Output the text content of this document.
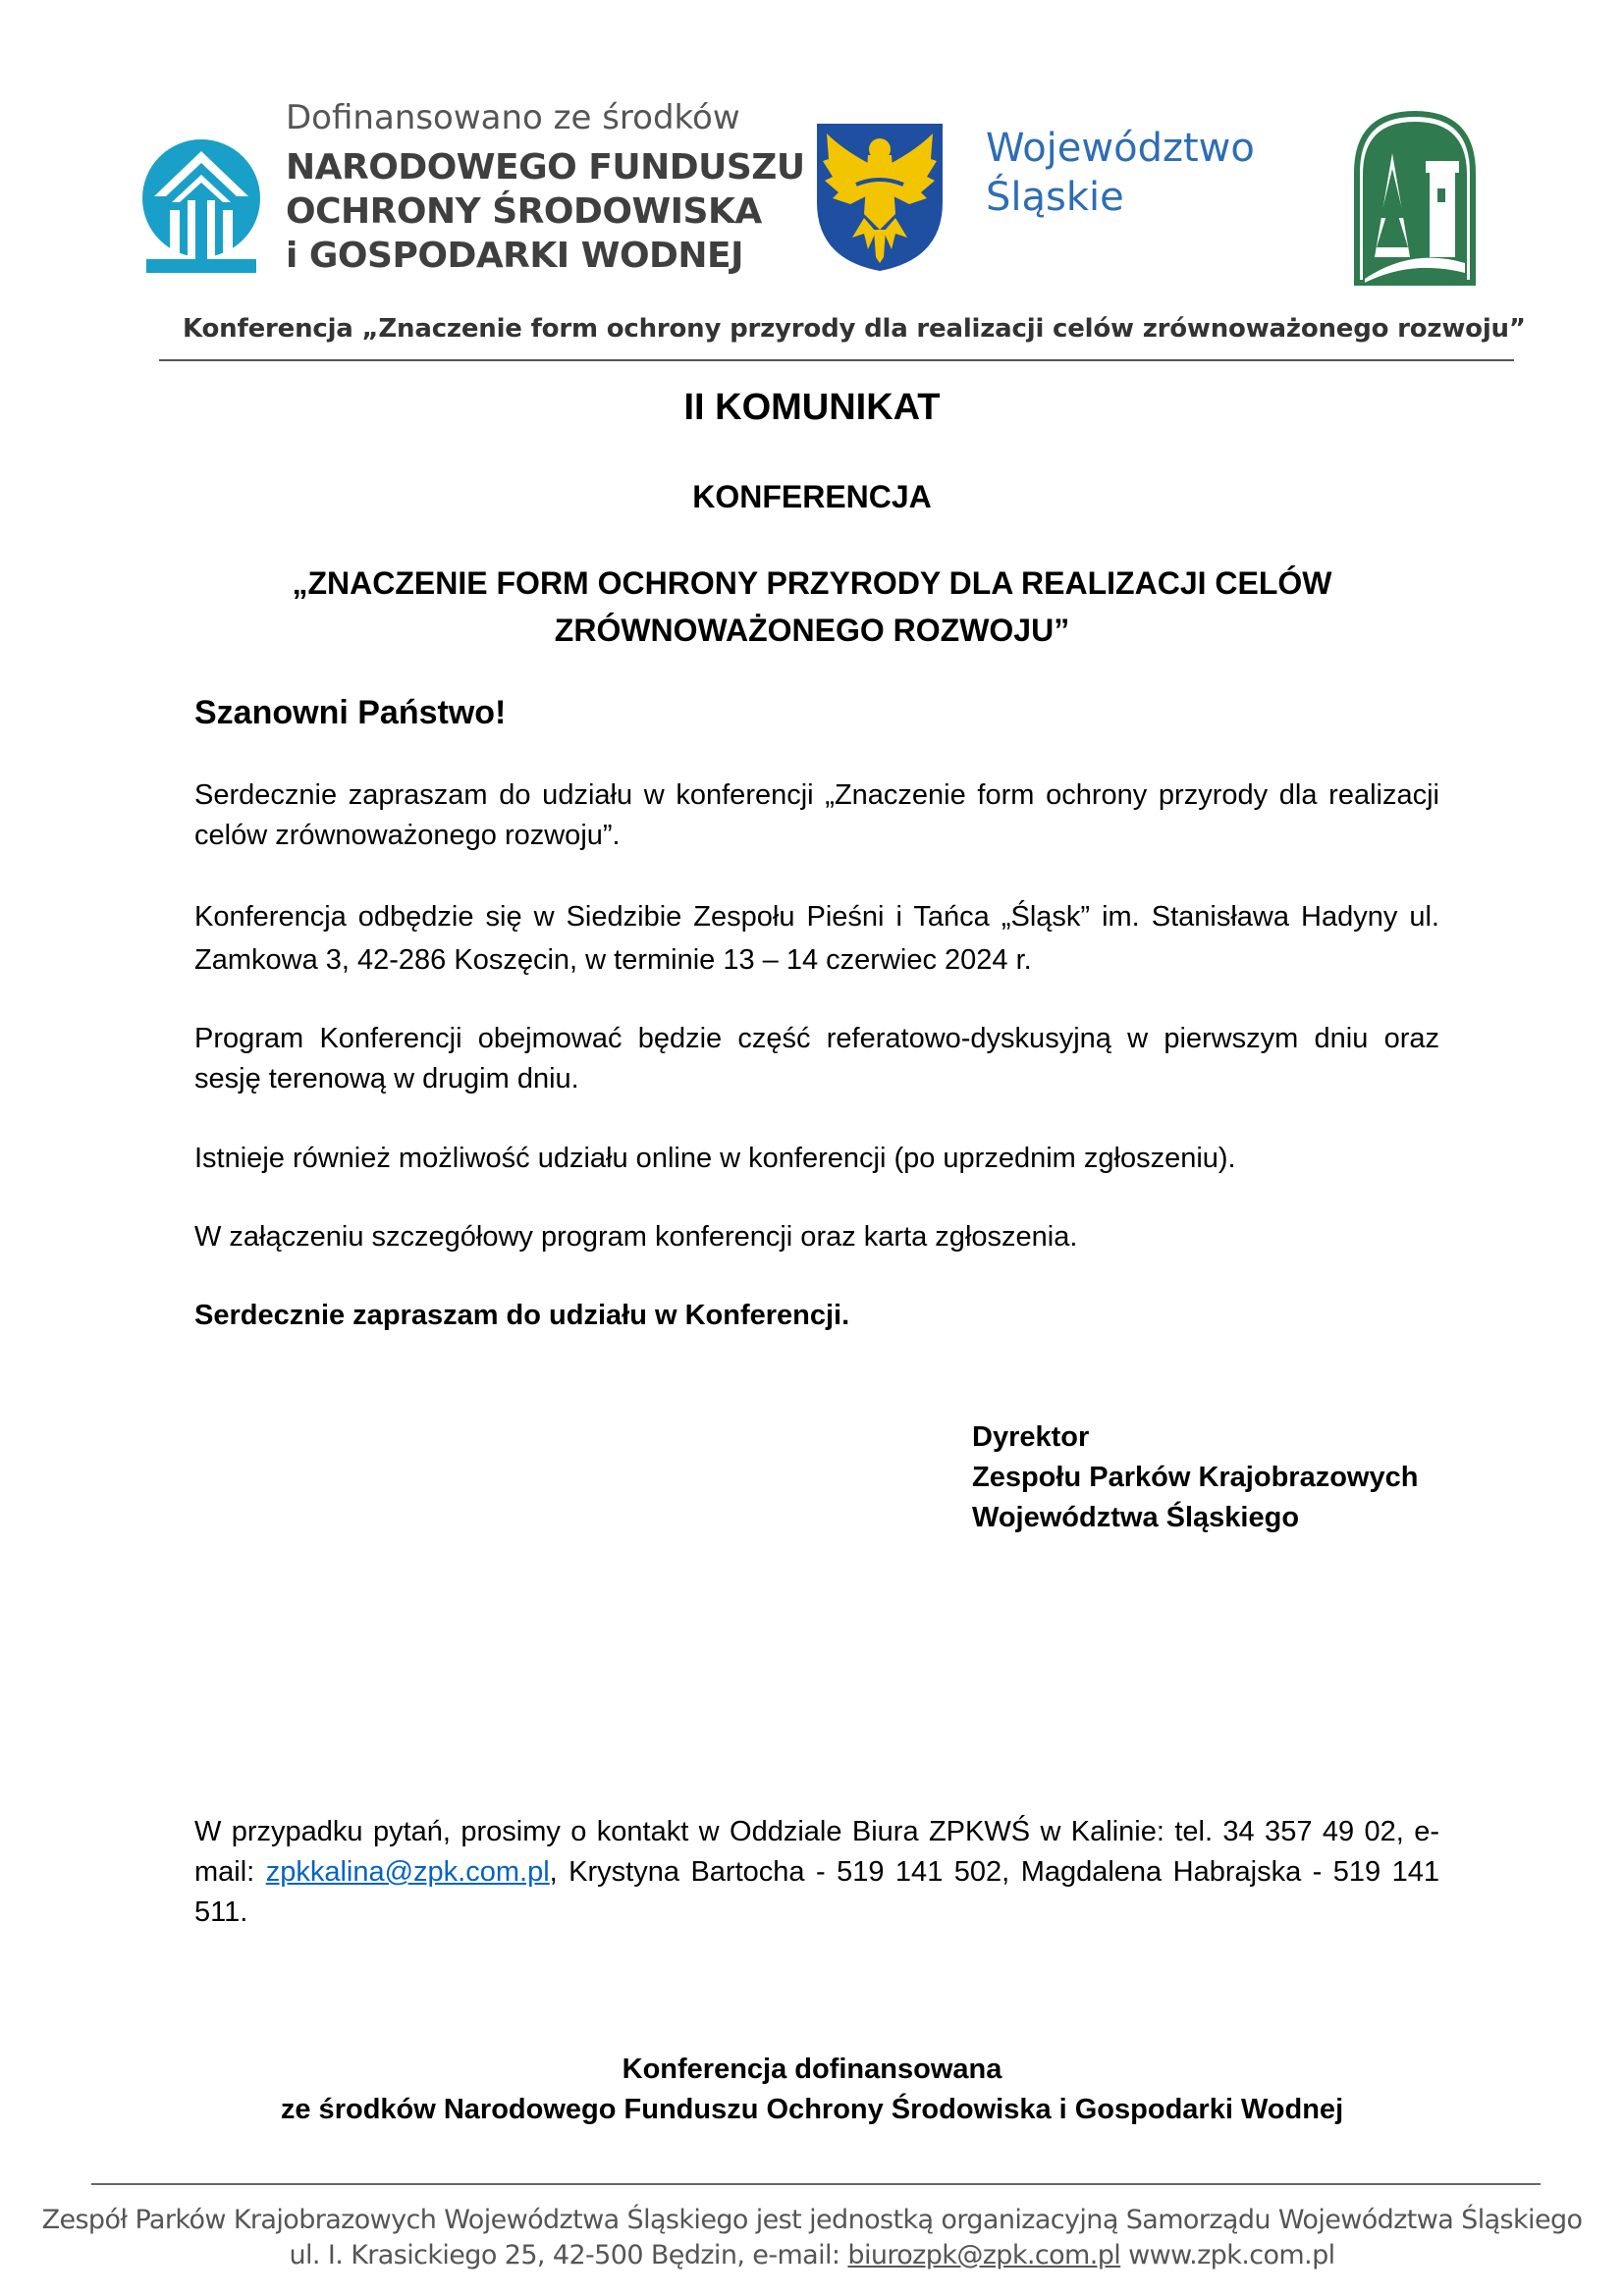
Dofinansowano ze środków
NARODOWEGO FUNDUSZU
OCHRONY ŚRODOWISKA
i GOSPODARKI WODNEJ
Województwo
Śląskie
Konferencja „Znaczenie form ochrony przyrody dla realizacji celów zrównoważonego rozwoju”
II KOMUNIKAT
KONFERENCJA
„ZNACZENIE FORM OCHRONY PRZYRODY DLA REALIZACJI CELÓW
ZRÓWNOWAŻONEGO ROZWOJU”
Szanowni Państwo!

Serdecznie zapraszam do udziału w konferencji „Znaczenie form ochrony przyrody dla realizacji celów zrównoważonego rozwoju”.

Konferencja odbędzie się w Siedzibie Zespołu Pieśni i Tańca „Śląsk” im. Stanisława Hadyny ul. Zamkowa 3, 42-286 Koszęcin, w terminie 13 – 14 czerwiec 2024 r.

Program Konferencji obejmować będzie część referatowo-dyskusyjną w pierwszym dniu oraz sesję terenową w drugim dniu.

Istnieje również możliwość udziału online w konferencji (po uprzednim zgłoszeniu).

W załączeniu szczegółowy program konferencji oraz karta zgłoszenia.

Serdecznie zapraszam do udziału w Konferencji.

Dyrektor
Zespołu Parków Krajobrazowych
Województwa Śląskiego

W przypadku pytań, prosimy o kontakt w Oddziale Biura ZPKWŚ w Kalinie: tel. 34 357 49 02, e-mail: zpkkalina@zpk.com.pl, Krystyna Bartocha - 519 141 502, Magdalena Habrajska - 519 141 511.

Konferencja dofinansowana
ze środków Narodowego Funduszu Ochrony Środowiska i Gospodarki Wodnej
Zespół Parków Krajobrazowych Województwa Śląskiego jest jednostką organizacyjną Samorządu Województwa Śląskiego
ul. I. Krasickiego 25, 42-500 Będzin, e-mail: biurozpk@zpk.com.pl www.zpk.com.pl
